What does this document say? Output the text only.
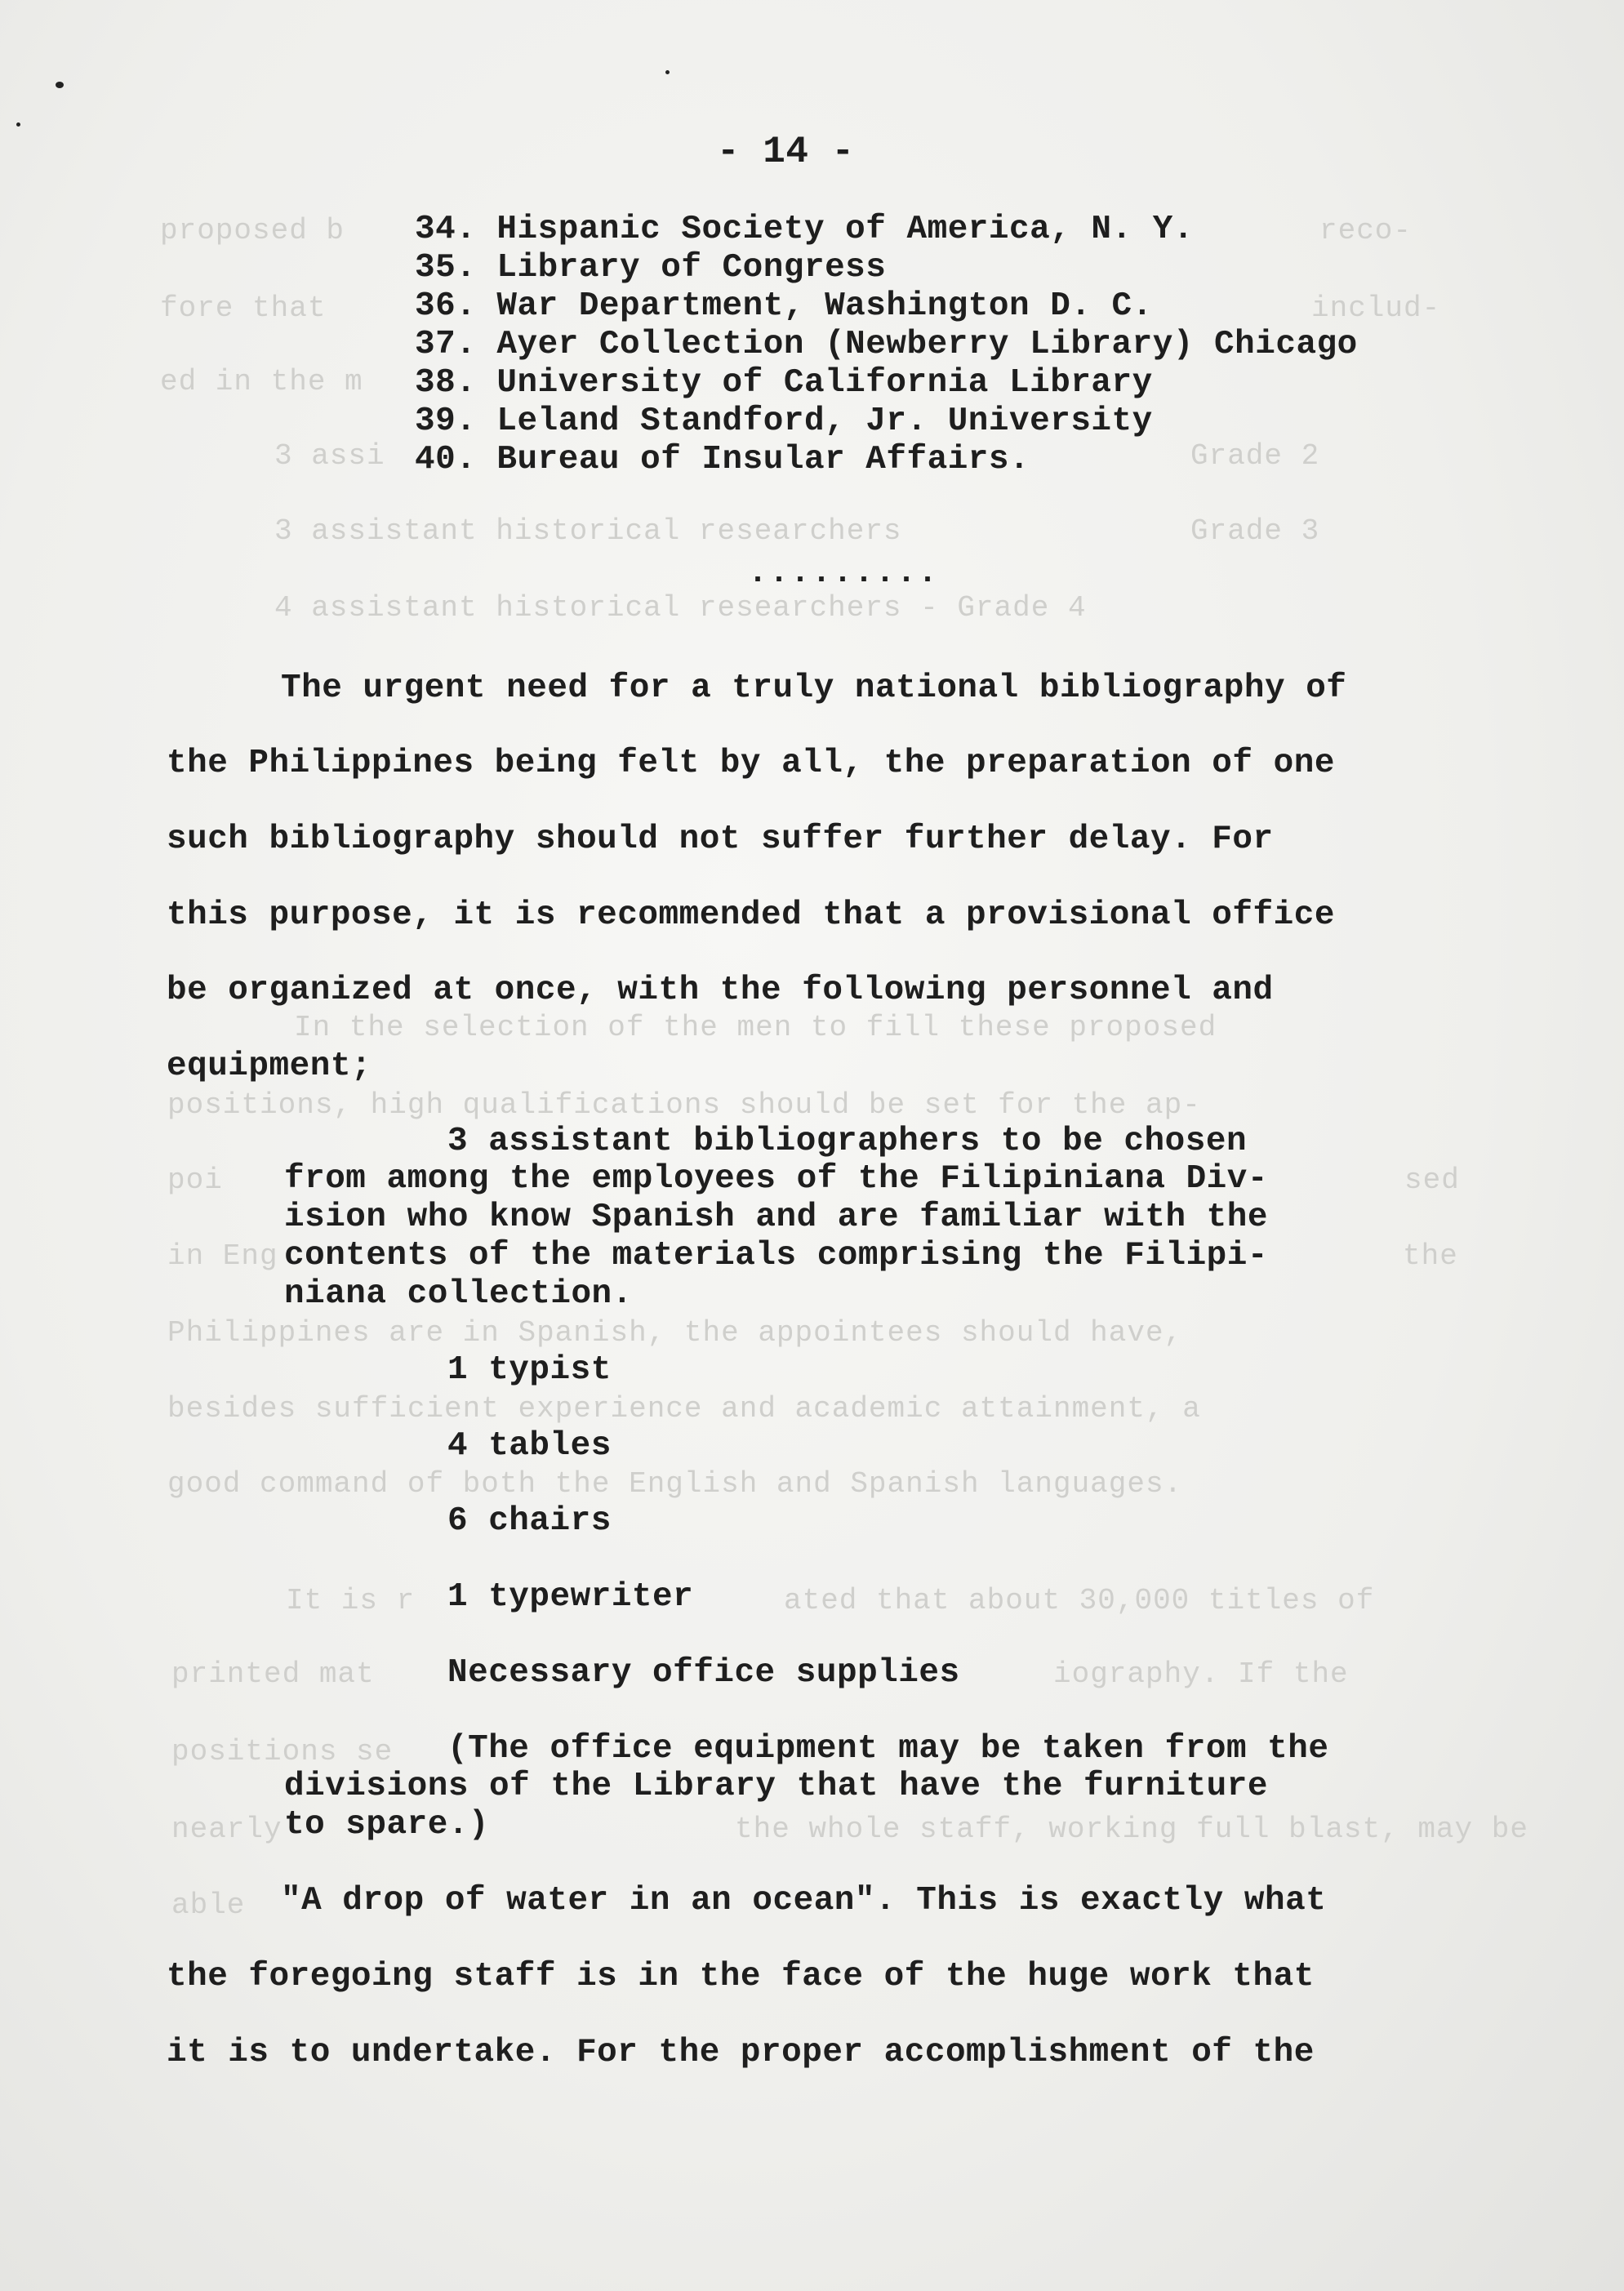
proposed b	reco-
fore that	includ-
ed in the m
3 assi	Grade 2
3 assistant historical researchers	Grade 3
4 assistant historical researchers - Grade 4
In the selection of the men to fill these proposed
positions, high qualifications should be set for the ap-
poi	sed
in Eng	the
Philippines are in Spanish, the appointees should have,
besides sufficient experience and academic attainment, a
good command of both the English and Spanish languages.
It is r	ated that about 30,000 titles of
printed mat	iography. If the
positions se
nearly	the whole staff, working full blast, may be
able
- 14 -
34. Hispanic Society of America, N. Y.
35. Library of Congress
36. War Department, Washington D. C.
37. Ayer Collection (Newberry Library) Chicago
38. University of California Library
39. Leland Standford, Jr. University
40. Bureau of Insular Affairs.
.........
The urgent need for a truly national bibliography of
the Philippines being felt by all, the preparation of one
such bibliography should not suffer further delay. For
this purpose, it is recommended that a provisional office
be organized at once, with the following personnel and
equipment;
3 assistant bibliographers to be chosen
from among the employees of the Filipiniana Div-
ision who know Spanish and are familiar with the
contents of the materials comprising the Filipi-
niana collection.
1 typist
4 tables
6 chairs
1 typewriter
Necessary office supplies
(The office equipment may be taken from the
divisions of the Library that have the furniture
to spare.)
"A drop of water in an ocean". This is exactly what
the foregoing staff is in the face of the huge work that
it is to undertake. For the proper accomplishment of the
